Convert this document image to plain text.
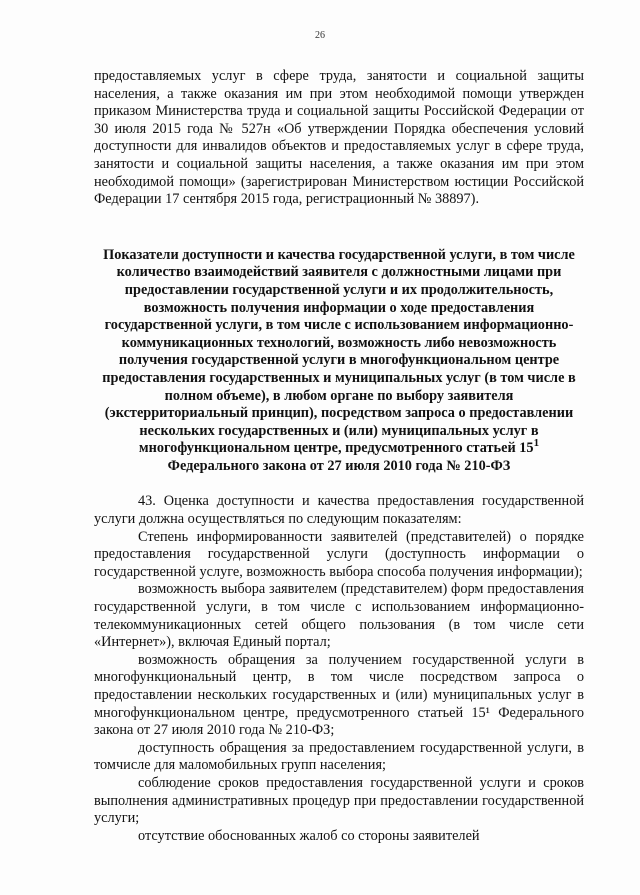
26

предоставляемых услуг в сфере труда, занятости и социальной защиты населения, а также оказания им при этом необходимой помощи утвержден приказом Министерства труда и социальной защиты Российской Федерации от 30 июля 2015 года № 527н «Об утверждении Порядка обеспечения условий доступности для инвалидов объектов и предоставляемых услуг в сфере труда, занятости и социальной защиты населения, а также оказания им при этом необходимой помощи» (зарегистрирован Министерством юстиции Российской Федерации 17 сентября 2015 года, регистрационный № 38897).

Показатели доступности и качества государственной услуги, в том числе количество взаимодействий заявителя с должностными лицами при предоставлении государственной услуги и их продолжительность, возможность получения информации о ходе предоставления государственной услуги, в том числе с использованием информационно-коммуникационных технологий, возможность либо невозможность получения государственной услуги в многофункциональном центре предоставления государственных и муниципальных услуг (в том числе в полном объеме), в любом органе по выбору заявителя (экстерриториальный принцип), посредством запроса о предоставлении нескольких государственных и (или) муниципальных услуг в многофункциональном центре, предусмотренного статьей $15^1$
Федерального закона от 27 июля 2010 года № 210-ФЗ

43. Оценка доступности и качества предоставления государственной услуги должна осуществляться по следующим показателям:

Степень информированности заявителей (представителей) о порядке предоставления государственной услуги (доступность информации о государственной услуге, возможность выбора способа получения информации);

возможность выбора заявителем (представителем) форм предоставления государственной услуги, в том числе с использованием информационно-телекоммуникационных сетей общего пользования (в том числе сети «Интернет»), включая Единый портал;

возможность обращения за получением государственной услуги в многофункциональный центр, в том числе посредством запроса о предоставлении нескольких государственных и (или) муниципальных услуг в многофункциональном центре, предусмотренного статьей 15¹ Федерального закона от 27 июля 2010 года № 210-ФЗ;

доступность обращения за предоставлением государственной услуги, в томчисле для маломобильных групп населения;

соблюдение сроков предоставления государственной услуги и сроков выполнения административных процедур при предоставлении государственной услуги;

отсутствие обоснованных жалоб со стороны заявителей
